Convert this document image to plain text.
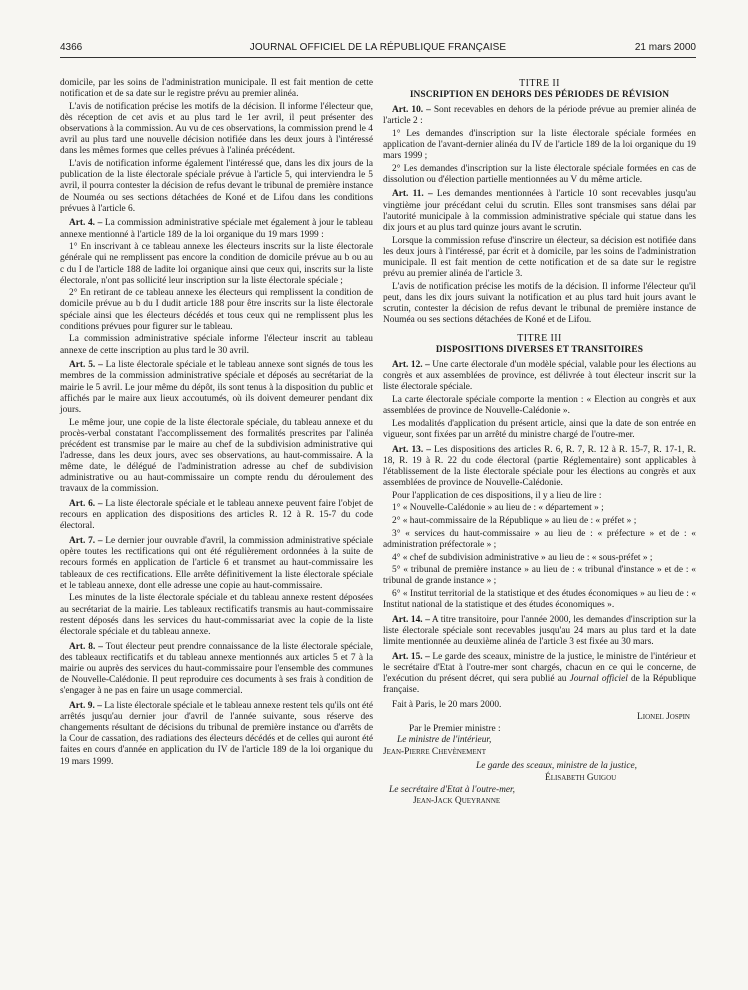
4366	JOURNAL OFFICIEL DE LA RÉPUBLIQUE FRANÇAISE	21 mars 2000

domicile, par les soins de l'administration municipale. Il est fait mention de cette notification et de sa date sur le registre prévu au premier alinéa.

L'avis de notification précise les motifs de la décision. Il informe l'électeur que, dès réception de cet avis et au plus tard le 1er avril, il peut présenter des observations à la commission. Au vu de ces observations, la commission prend le 4 avril au plus tard une nouvelle décision notifiée dans les deux jours à l'intéressé dans les mêmes formes que celles prévues à l'alinéa précédent.

L'avis de notification informe également l'intéressé que, dans les dix jours de la publication de la liste électorale spéciale prévue à l'article 5, qui interviendra le 5 avril, il pourra contester la décision de refus devant le tribunal de première instance de Nouméa ou ses sections détachées de Koné et de Lifou dans les conditions prévues à l'article 6.

Art. 4. – La commission administrative spéciale met également à jour le tableau annexe mentionné à l'article 189 de la loi organique du 19 mars 1999 :

1° En inscrivant à ce tableau annexe les électeurs inscrits sur la liste électorale générale qui ne remplissent pas encore la condition de domicile prévue au b ou au c du I de l'article 188 de ladite loi organique ainsi que ceux qui, inscrits sur la liste électorale, n'ont pas sollicité leur inscription sur la liste électorale spéciale ;

2° En retirant de ce tableau annexe les électeurs qui remplissent la condition de domicile prévue au b du I dudit article 188 pour être inscrits sur la liste électorale spéciale ainsi que les électeurs décédés et tous ceux qui ne remplissent plus les conditions prévues pour figurer sur le tableau.

La commission administrative spéciale informe l'électeur inscrit au tableau annexe de cette inscription au plus tard le 30 avril.

Art. 5. – La liste électorale spéciale et le tableau annexe sont signés de tous les membres de la commission administrative spéciale et déposés au secrétariat de la mairie le 5 avril. Le jour même du dépôt, ils sont tenus à la disposition du public et affichés par le maire aux lieux accoutumés, où ils doivent demeurer pendant dix jours.

Le même jour, une copie de la liste électorale spéciale, du tableau annexe et du procès-verbal constatant l'accomplissement des formalités prescrites par l'alinéa précédent est transmise par le maire au chef de la subdivision administrative qui l'adresse, dans les deux jours, avec ses observations, au haut-commissaire. A la même date, le délégué de l'administration adresse au chef de subdivision administrative ou au haut-commissaire un compte rendu du déroulement des travaux de la commission.

Art. 6. – La liste électorale spéciale et le tableau annexe peuvent faire l'objet de recours en application des dispositions des articles R. 12 à R. 15-7 du code électoral.

Art. 7. – Le dernier jour ouvrable d'avril, la commission administrative spéciale opère toutes les rectifications qui ont été régulièrement ordonnées à la suite de recours formés en application de l'article 6 et transmet au haut-commissaire les tableaux de ces rectifications. Elle arrête définitivement la liste électorale spéciale et le tableau annexe, dont elle adresse une copie au haut-commissaire.

Les minutes de la liste électorale spéciale et du tableau annexe restent déposées au secrétariat de la mairie. Les tableaux rectificatifs transmis au haut-commissaire restent déposés dans les services du haut-commissariat avec la copie de la liste électorale spéciale et du tableau annexe.

Art. 8. – Tout électeur peut prendre connaissance de la liste électorale spéciale, des tableaux rectificatifs et du tableau annexe mentionnés aux articles 5 et 7 à la mairie ou auprès des services du haut-commissaire pour l'ensemble des communes de Nouvelle-Calédonie. Il peut reproduire ces documents à ses frais à condition de s'engager à ne pas en faire un usage commercial.

Art. 9. – La liste électorale spéciale et le tableau annexe restent tels qu'ils ont été arrêtés jusqu'au dernier jour d'avril de l'année suivante, sous réserve des changements résultant de décisions du tribunal de première instance ou d'arrêts de la Cour de cassation, des radiations des électeurs décédés et de celles qui auront été faites en cours d'année en application du IV de l'article 189 de la loi organique du 19 mars 1999.

TITRE II
INSCRIPTION EN DEHORS DES PÉRIODES DE RÉVISION

Art. 10. – Sont recevables en dehors de la période prévue au premier alinéa de l'article 2 :

1° Les demandes d'inscription sur la liste électorale spéciale formées en application de l'avant-dernier alinéa du IV de l'article 189 de la loi organique du 19 mars 1999 ;

2° Les demandes d'inscription sur la liste électorale spéciale formées en cas de dissolution ou d'élection partielle mentionnées au V du même article.

Art. 11. – Les demandes mentionnées à l'article 10 sont recevables jusqu'au vingtième jour précédant celui du scrutin. Elles sont transmises sans délai par l'autorité municipale à la commission administrative spéciale qui statue dans les dix jours et au plus tard quinze jours avant le scrutin.

Lorsque la commission refuse d'inscrire un électeur, sa décision est notifiée dans les deux jours à l'intéressé, par écrit et à domicile, par les soins de l'administration municipale. Il est fait mention de cette notification et de sa date sur le registre prévu au premier alinéa de l'article 3.

L'avis de notification précise les motifs de la décision. Il informe l'électeur qu'il peut, dans les dix jours suivant la notification et au plus tard huit jours avant le scrutin, contester la décision de refus devant le tribunal de première instance de Nouméa ou ses sections détachées de Koné et de Lifou.

TITRE III
DISPOSITIONS DIVERSES ET TRANSITOIRES

Art. 12. – Une carte électorale d'un modèle spécial, valable pour les élections au congrès et aux assemblées de province, est délivrée à tout électeur inscrit sur la liste électorale spéciale.

La carte électorale spéciale comporte la mention : « Election au congrès et aux assemblées de province de Nouvelle-Calédonie ».

Les modalités d'application du présent article, ainsi que la date de son entrée en vigueur, sont fixées par un arrêté du ministre chargé de l'outre-mer.

Art. 13. – Les dispositions des articles R. 6, R. 7, R. 12 à R. 15-7, R. 17-1, R. 18, R. 19 à R. 22 du code électoral (partie Réglementaire) sont applicables à l'établissement de la liste électorale spéciale pour les élections au congrès et aux assemblées de province de Nouvelle-Calédonie.

Pour l'application de ces dispositions, il y a lieu de lire :

1° « Nouvelle-Calédonie » au lieu de : « département » ;

2° « haut-commissaire de la République » au lieu de : « préfet » ;

3° « services du haut-commissaire » au lieu de : « préfecture » et de : « administration préfectorale » ;

4° « chef de subdivision administrative » au lieu de : « sous-préfet » ;

5° « tribunal de première instance » au lieu de : « tribunal d'instance » et de : « tribunal de grande instance » ;

6° « Institut territorial de la statistique et des études économiques » au lieu de : « Institut national de la statistique et des études économiques ».

Art. 14. – A titre transitoire, pour l'année 2000, les demandes d'inscription sur la liste électorale spéciale sont recevables jusqu'au 24 mars au plus tard et la date limite mentionnée au deuxième alinéa de l'article 3 est fixée au 30 mars.

Art. 15. – Le garde des sceaux, ministre de la justice, le ministre de l'intérieur et le secrétaire d'Etat à l'outre-mer sont chargés, chacun en ce qui le concerne, de l'exécution du présent décret, qui sera publié au Journal officiel de la République française.

Fait à Paris, le 20 mars 2000.
Lionel Jospin
Par le Premier ministre :
Le ministre de l'intérieur,
Jean-Pierre Chevènement
Le garde des sceaux, ministre de la justice,
Élisabeth Guigou
Le secrétaire d'Etat à l'outre-mer,
Jean-Jack Queyranne
